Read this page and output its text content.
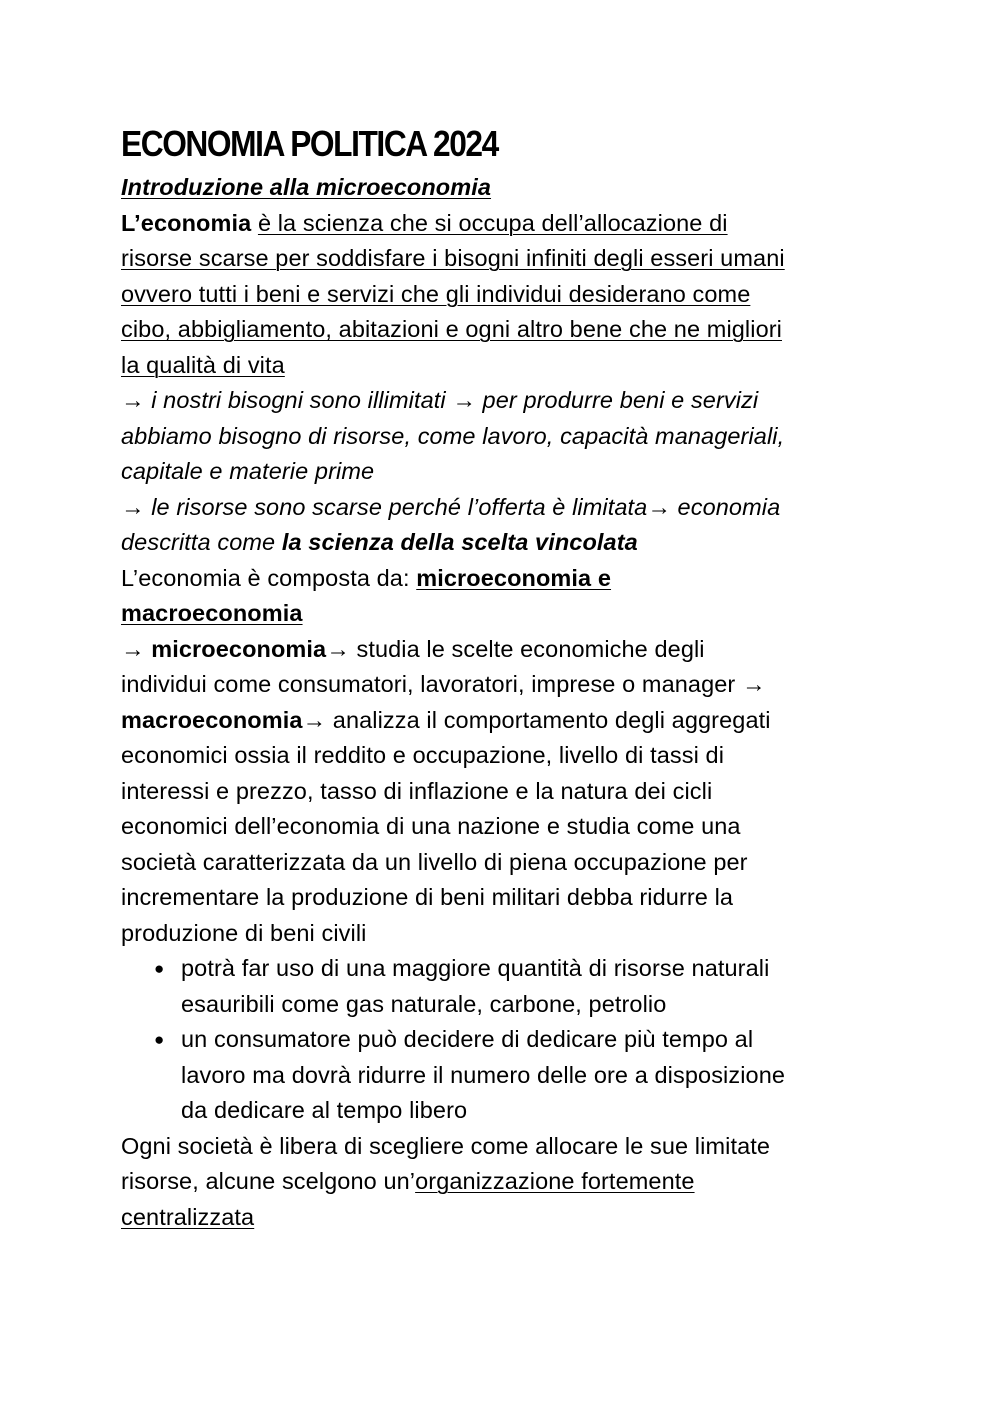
ECONOMIA POLITICA 2024

Introduzione alla microeconomia

L’economia è la scienza che si occupa dell’allocazione di

risorse scarse per soddisfare i bisogni infiniti degli esseri umani

ovvero tutti i beni e servizi che gli individui desiderano come

cibo, abbigliamento, abitazioni e ogni altro bene che ne migliori

la qualità di vita

→ i nostri bisogni sono illimitati → per produrre beni e servizi

abbiamo bisogno di risorse, come lavoro, capacità manageriali,

capitale e materie prime

→ le risorse sono scarse perché l’offerta è limitata→ economia

descritta come la scienza della scelta vincolata

L’economia è composta da: microeconomia e

macroeconomia

→ microeconomia→ studia le scelte economiche degli

individui come consumatori, lavoratori, imprese o manager →

macroeconomia→ analizza il comportamento degli aggregati

economici ossia il reddito e occupazione, livello di tassi di

interessi e prezzo, tasso di inflazione e la natura dei cicli

economici dell’economia di una nazione e studia come una

società caratterizzata da un livello di piena occupazione per

incrementare la produzione di beni militari debba ridurre la

produzione di beni civili

● potrà far uso di una maggiore quantità di risorse naturali

esauribili come gas naturale, carbone, petrolio

● un consumatore può decidere di dedicare più tempo al

lavoro ma dovrà ridurre il numero delle ore a disposizione

da dedicare al tempo libero

Ogni società è libera di scegliere come allocare le sue limitate

risorse, alcune scelgono un’organizzazione fortemente

centralizzata
